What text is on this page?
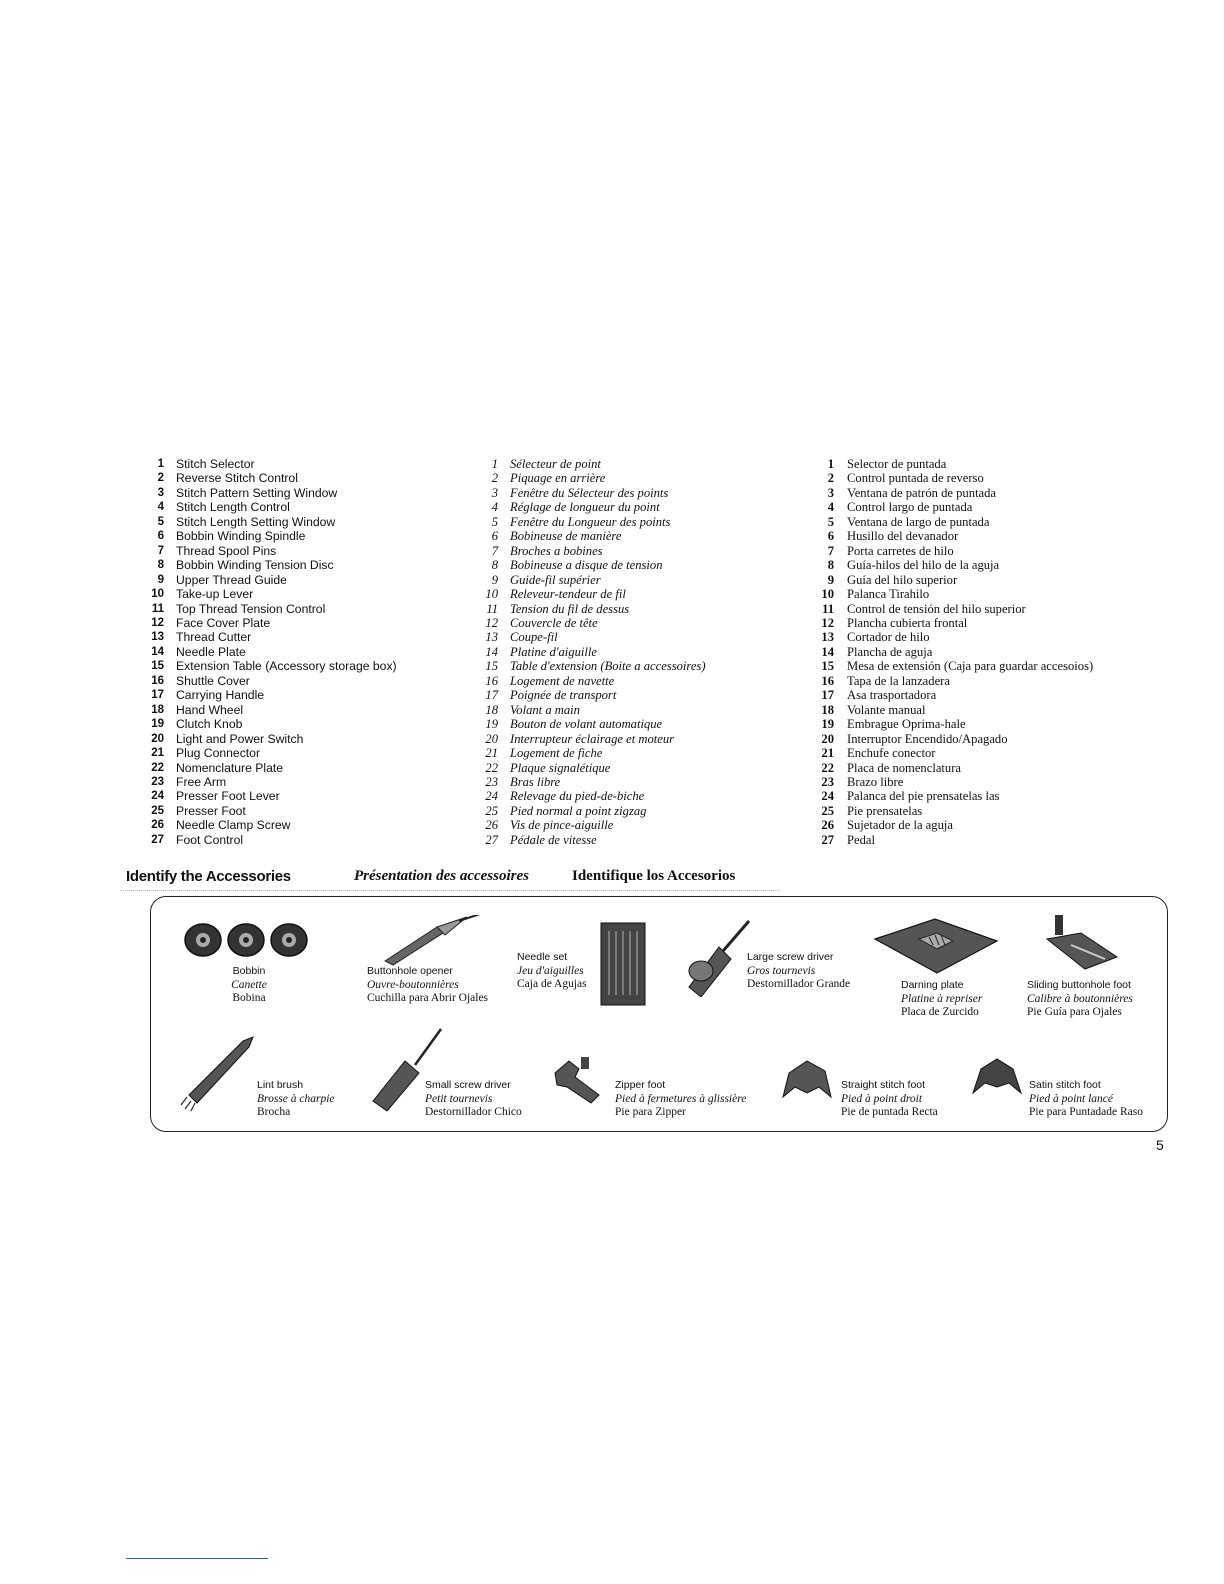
1 Stitch Selector
2 Reverse Stitch Control
3 Stitch Pattern Setting Window
4 Stitch Length Control
5 Stitch Length Setting Window
6 Bobbin Winding Spindle
7 Thread Spool Pins
8 Bobbin Winding Tension Disc
9 Upper Thread Guide
10 Take-up Lever
11 Top Thread Tension Control
12 Face Cover Plate
13 Thread Cutter
14 Needle Plate
15 Extension Table (Accessory storage box)
16 Shuttle Cover
17 Carrying Handle
18 Hand Wheel
19 Clutch Knob
20 Light and Power Switch
21 Plug Connector
22 Nomenclature Plate
23 Free Arm
24 Presser Foot Lever
25 Presser Foot
26 Needle Clamp Screw
27 Foot Control
1 Sélecteur de point
2 Piquage en arrière
3 Fenêtre du Sélecteur des points
4 Réglage de longueur du point
5 Fenêtre du Longueur des points
6 Bobineuse de manière
7 Broches a bobines
8 Bobineuse a disque de tension
9 Guide-fil supérier
10 Releveur-tendeur de fil
11 Tension du fil de dessus
12 Couvercle de tête
13 Coupe-fil
14 Platine d'aiguille
15 Table d'extension (Boite a accessoires)
16 Logement de navette
17 Poignée de transport
18 Volant a main
19 Bouton de volant automatique
20 Interrupteur éclairage et moteur
21 Logement de fiche
22 Plaque signalétique
23 Bras libre
24 Relevage du pied-de-biche
25 Pied normal a point zigzag
26 Vis de pince-aiguille
27 Pédale de vitesse
1 Selector de puntada
2 Control puntada de reverso
3 Ventana de patrón de puntada
4 Control largo de puntada
5 Ventana de largo de puntada
6 Husillo del devanador
7 Porta carretes de hilo
8 Guía-hilos del hilo de la aguja
9 Guía del hilo superior
10 Palanca Tirahilo
11 Control de tensión del hilo superior
12 Plancha cubierta frontal
13 Cortador de hilo
14 Plancha de aguja
15 Mesa de extensión (Caja para guardar accesoios)
16 Tapa de la lanzadera
17 Asa trasportadora
18 Volante manual
19 Embrague Oprima-hale
20 Interruptor Encendido/Apagado
21 Enchufe conector
22 Placa de nomenclatura
23 Brazo libre
24 Palanca del pie prensatelas las
25 Pie prensatelas
26 Sujetador de la aguja
27 Pedal
Identify the Accessories	Présentation des accessoires	Identifique los Accesorios
Bobbin
Canette
Bobina
Buttonhole opener
Ouvre-boutonnières
Cuchilla para Abrir Ojales
Needle set
Jeu d'aiguilles
Caja de Agujas
Large screw driver
Gros tournevis
Destornillador Grande	Darning plate
Platine à repriser
Placa de Zurcido
Sliding buttonhole foot
Calibre à boutonnières
Pie Guía para Ojales
Lint brush
Brosse à charpie
Brocha
Small screw driver
Petit tournevis
Destornillador Chico
Zipper foot
Pied à fermetures à glissière
Pie para Zipper
Straight stitch foot
Pied à point droit
Pie de puntada Recta
Satin stitch foot
Pied à point lancé
Pie para Puntadade Raso
5
